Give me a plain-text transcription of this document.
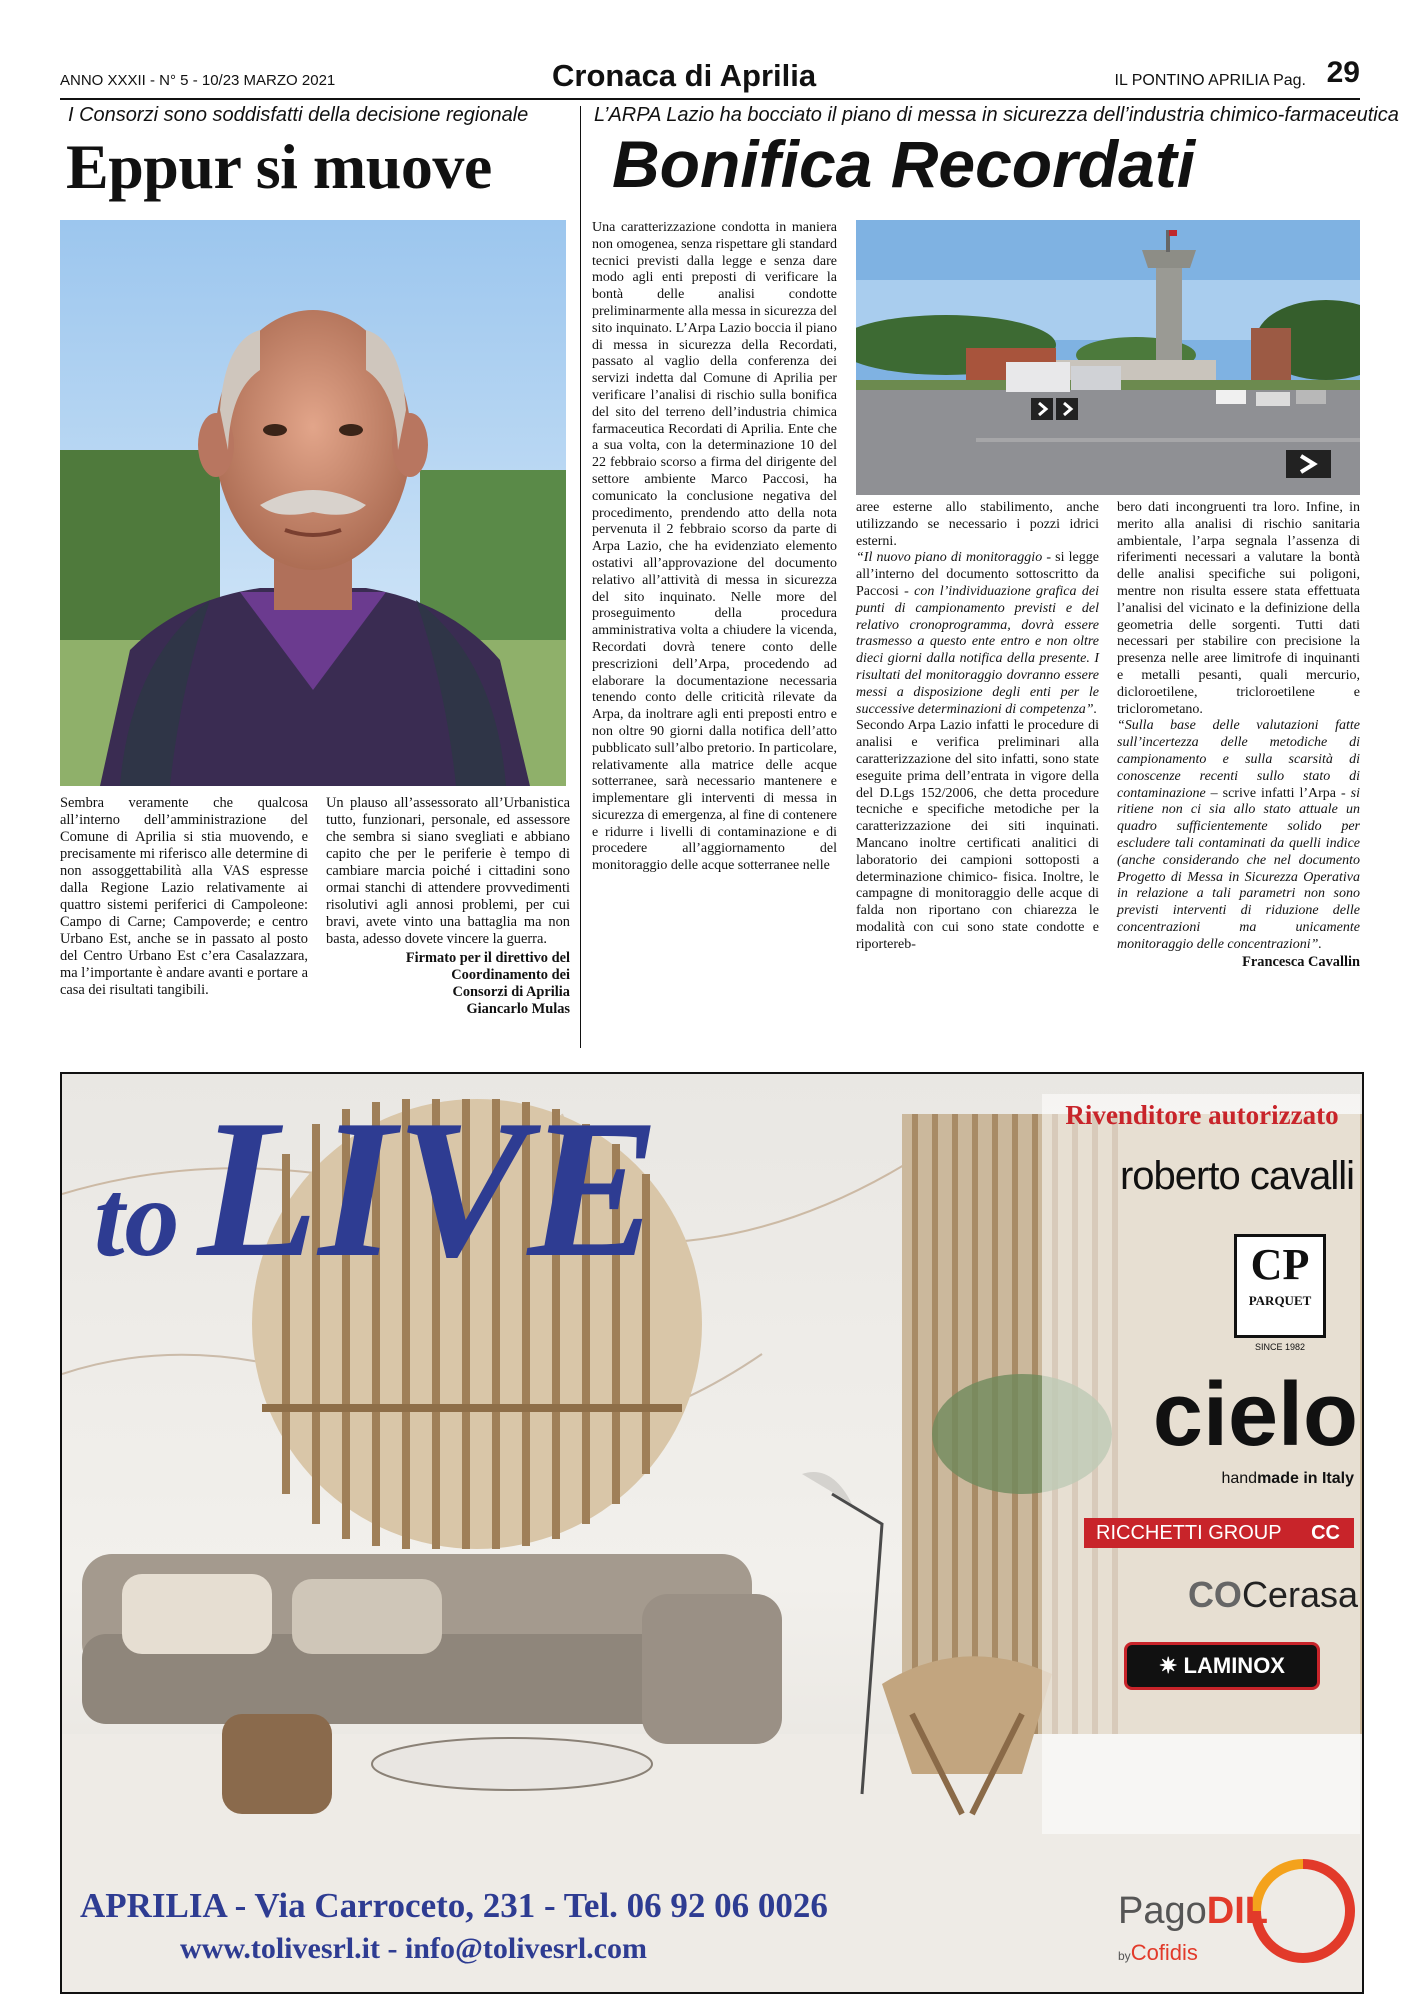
ANNO XXXII - N° 5 - 10/23 MARZO 2021	Cronaca di Aprilia	IL PONTINO APRILIA Pag. 29
I Consorzi sono soddisfatti della decisione regionale
Eppur si muove

Sembra veramente che qualcosa all’interno dell’amministrazione del Comune di Aprilia si stia muovendo, e precisamente mi riferisco alle determine di non assoggettabilità alla VAS espresse dalla Regione Lazio relativamente ai quattro sistemi periferici di Campoleone: Campo di Carne; Campoverde; e centro Urbano Est, anche se in passato al posto del Centro Urbano Est c’era Casalazzara, ma l’importante è andare avanti e portare a casa dei risultati tangibili.

Un plauso all’assessorato all’Urbanistica tutto, funzionari, personale, ed assessore che sembra si siano svegliati e abbiano capito che per le periferie è tempo di cambiare marcia poiché i cittadini sono ormai stanchi di attendere provvedimenti risolutivi agli annosi problemi, per cui bravi, avete vinto una battaglia ma non basta, adesso dovete vincere la guerra.

Firmato per il direttivo del
Coordinamento dei
Consorzi di Aprilia
Giancarlo Mulas
L’ARPA Lazio ha bocciato il piano di messa in sicurezza dell’industria chimico-farmaceutica
Bonifica Recordati

Una caratterizzazione condotta in maniera non omogenea, senza rispettare gli standard tecnici previsti dalla legge e senza dare modo agli enti preposti di verificare la bontà delle analisi condotte preliminarmente alla messa in sicurezza del sito inquinato. L’Arpa Lazio boccia il piano di messa in sicurezza della Recordati, passato al vaglio della conferenza dei servizi indetta dal Comune di Aprilia per verificare l’analisi di rischio sulla bonifica del sito del terreno dell’industria chimica farmaceutica Recordati di Aprilia. Ente che a sua volta, con la determinazione 10 del 22 febbraio scorso a firma del dirigente del settore ambiente Marco Paccosi, ha comunicato la conclusione negativa del procedimento, prendendo atto della nota pervenuta il 2 febbraio scorso da parte di Arpa Lazio, che ha evidenziato elemento ostativi all’approvazione del documento relativo all’attività di messa in sicurezza del sito inquinato. Nelle more del proseguimento della procedura amministrativa volta a chiudere la vicenda, Recordati dovrà tenere conto delle prescrizioni dell’Arpa, procedendo ad elaborare la documentazione necessaria tenendo conto delle criticità rilevate da Arpa, da inoltrare agli enti preposti entro e non oltre 90 giorni dalla notifica dell’atto pubblicato sull’albo pretorio. In particolare, relativamente alla matrice delle acque sotterranee, sarà necessario mantenere e implementare gli interventi di messa in sicurezza di emergenza, al fine di contenere e ridurre i livelli di contaminazione e di procedere all’aggiornamento del monitoraggio delle acque sotterranee nelle

aree esterne allo stabilimento, anche utilizzando se necessario i pozzi idrici esterni.

“Il nuovo piano di monitoraggio - si legge all’interno del documento sottoscritto da Paccosi - con l’individuazione grafica dei punti di campionamento previsti e del relativo cronoprogramma, dovrà essere trasmesso a questo ente entro e non oltre dieci giorni dalla notifica della presente. I risultati del monitoraggio dovranno essere messi a disposizione degli enti per le successive determinazioni di competenza”.

Secondo Arpa Lazio infatti le procedure di analisi e verifica preliminari alla caratterizzazione del sito infatti, sono state eseguite prima dell’entrata in vigore della del D.Lgs 152/2006, che detta procedure tecniche e specifiche metodiche per la caratterizzazione dei siti inquinati. Mancano inoltre certificati analitici di laboratorio dei campioni sottoposti a determinazione chimico- fisica. Inoltre, le campagne di monitoraggio delle acque di falda non riportano con chiarezza le modalità con cui sono state condotte e riportereb-

bero dati incongruenti tra loro. Infine, in merito alla analisi di rischio sanitaria ambientale, l’arpa segnala l’assenza di riferimenti necessari a valutare la bontà delle analisi specifiche sui poligoni, mentre non risulta essere stata effettuata l’analisi del vicinato e la definizione della geometria delle sorgenti. Tutti dati necessari per stabilire con precisione la presenza nelle aree limitrofe di inquinanti e metalli pesanti, quali mercurio, dicloroetilene, tricloroetilene e triclorometano.

“Sulla base delle valutazioni fatte sull’incertezza delle metodiche di campionamento e sulla scarsità di conoscenze recenti sullo stato di contaminazione – scrive infatti l’Arpa - si ritiene non ci sia allo stato attuale un quadro sufficientemente solido per escludere tali contaminati da quelli indice (anche considerando che nel documento Progetto di Messa in Sicurezza Operativa in relazione a tali parametri non sono previsti interventi di riduzione delle concentrazioni ma unicamente monitoraggio delle concentrazioni”.

Francesca Cavallin
toLIVE	Rivenditore autorizzato
roberto cavalli
CP
PARQUET
SINCE 1982
cielo
handmade in Italy
RICCHETTI GROUP CC
COCerasa
✷ LAMINOX
APRILIA - Via Carroceto, 231 - Tel. 06 92 06 0026
www.tolivesrl.it - info@tolivesrl.com
PagoDIL
byCofidis
